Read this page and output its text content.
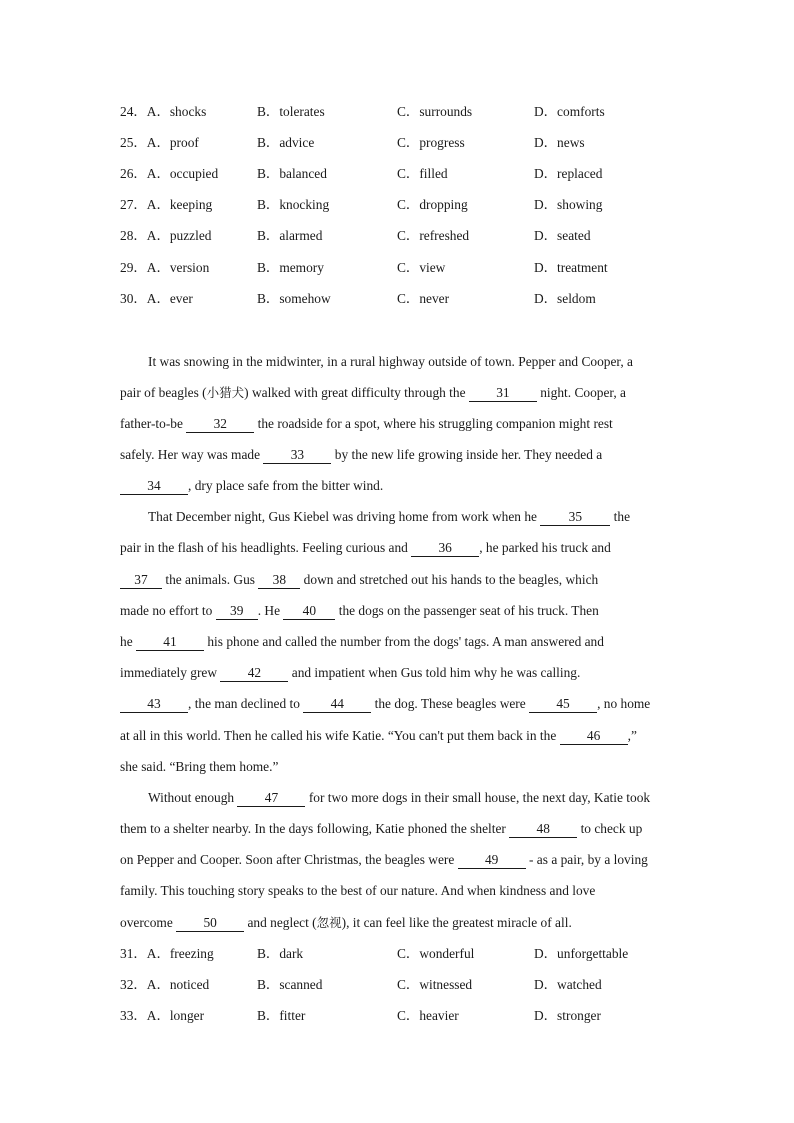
24．A．shocks	B．tolerates	C．surrounds	D．comforts
25．A．proof	B．advice	C．progress	D．news
26．A．occupied	B．balanced	C．filled	D．replaced
27．A．keeping	B．knocking	C．dropping	D．showing
28．A．puzzled	B．alarmed	C．refreshed	D．seated
29．A．version	B．memory	C．view	D．treatment
30．A．ever	B．somehow	C．never	D．seldom
It was snowing in the midwinter, in a rural highway outside of town. Pepper and Cooper, a
pair of beagles (小猎犬) walked with great difficulty through the 31 night. Cooper, a
father-to-be 32 the roadside for a spot, where his struggling companion might rest
safely. Her way was made 33 by the new life growing inside her. They needed a
34 , dry place safe from the bitter wind.
That December night, Gus Kiebel was driving home from work when he 35 the
pair in the flash of his headlights. Feeling curious and 36 , he parked his truck and
37 the animals. Gus 38 down and stretched out his hands to the beagles, which
made no effort to 39 . He 40 the dogs on the passenger seat of his truck. Then
he 41 his phone and called the number from the dogs' tags. A man answered and
immediately grew 42 and impatient when Gus told him why he was calling.
43 , the man declined to 44 the dog. These beagles were 45 , no home
at all in this world. Then he called his wife Katie. “You can't put them back in the 46 ,”
she said. “Bring them home.”
Without enough 47 for two more dogs in their small house, the next day, Katie took
them to a shelter nearby. In the days following, Katie phoned the shelter 48 to check up
on Pepper and Cooper. Soon after Christmas, the beagles were 49 - as a pair, by a loving
family. This touching story speaks to the best of our nature. And when kindness and love
overcome 50 and neglect (忽视), it can feel like the greatest miracle of all.
31．A．freezing	B．dark	C．wonderful	D．unforgettable
32．A．noticed	B．scanned	C．witnessed	D．watched
33．A．longer	B．fitter	C．heavier	D．stronger
